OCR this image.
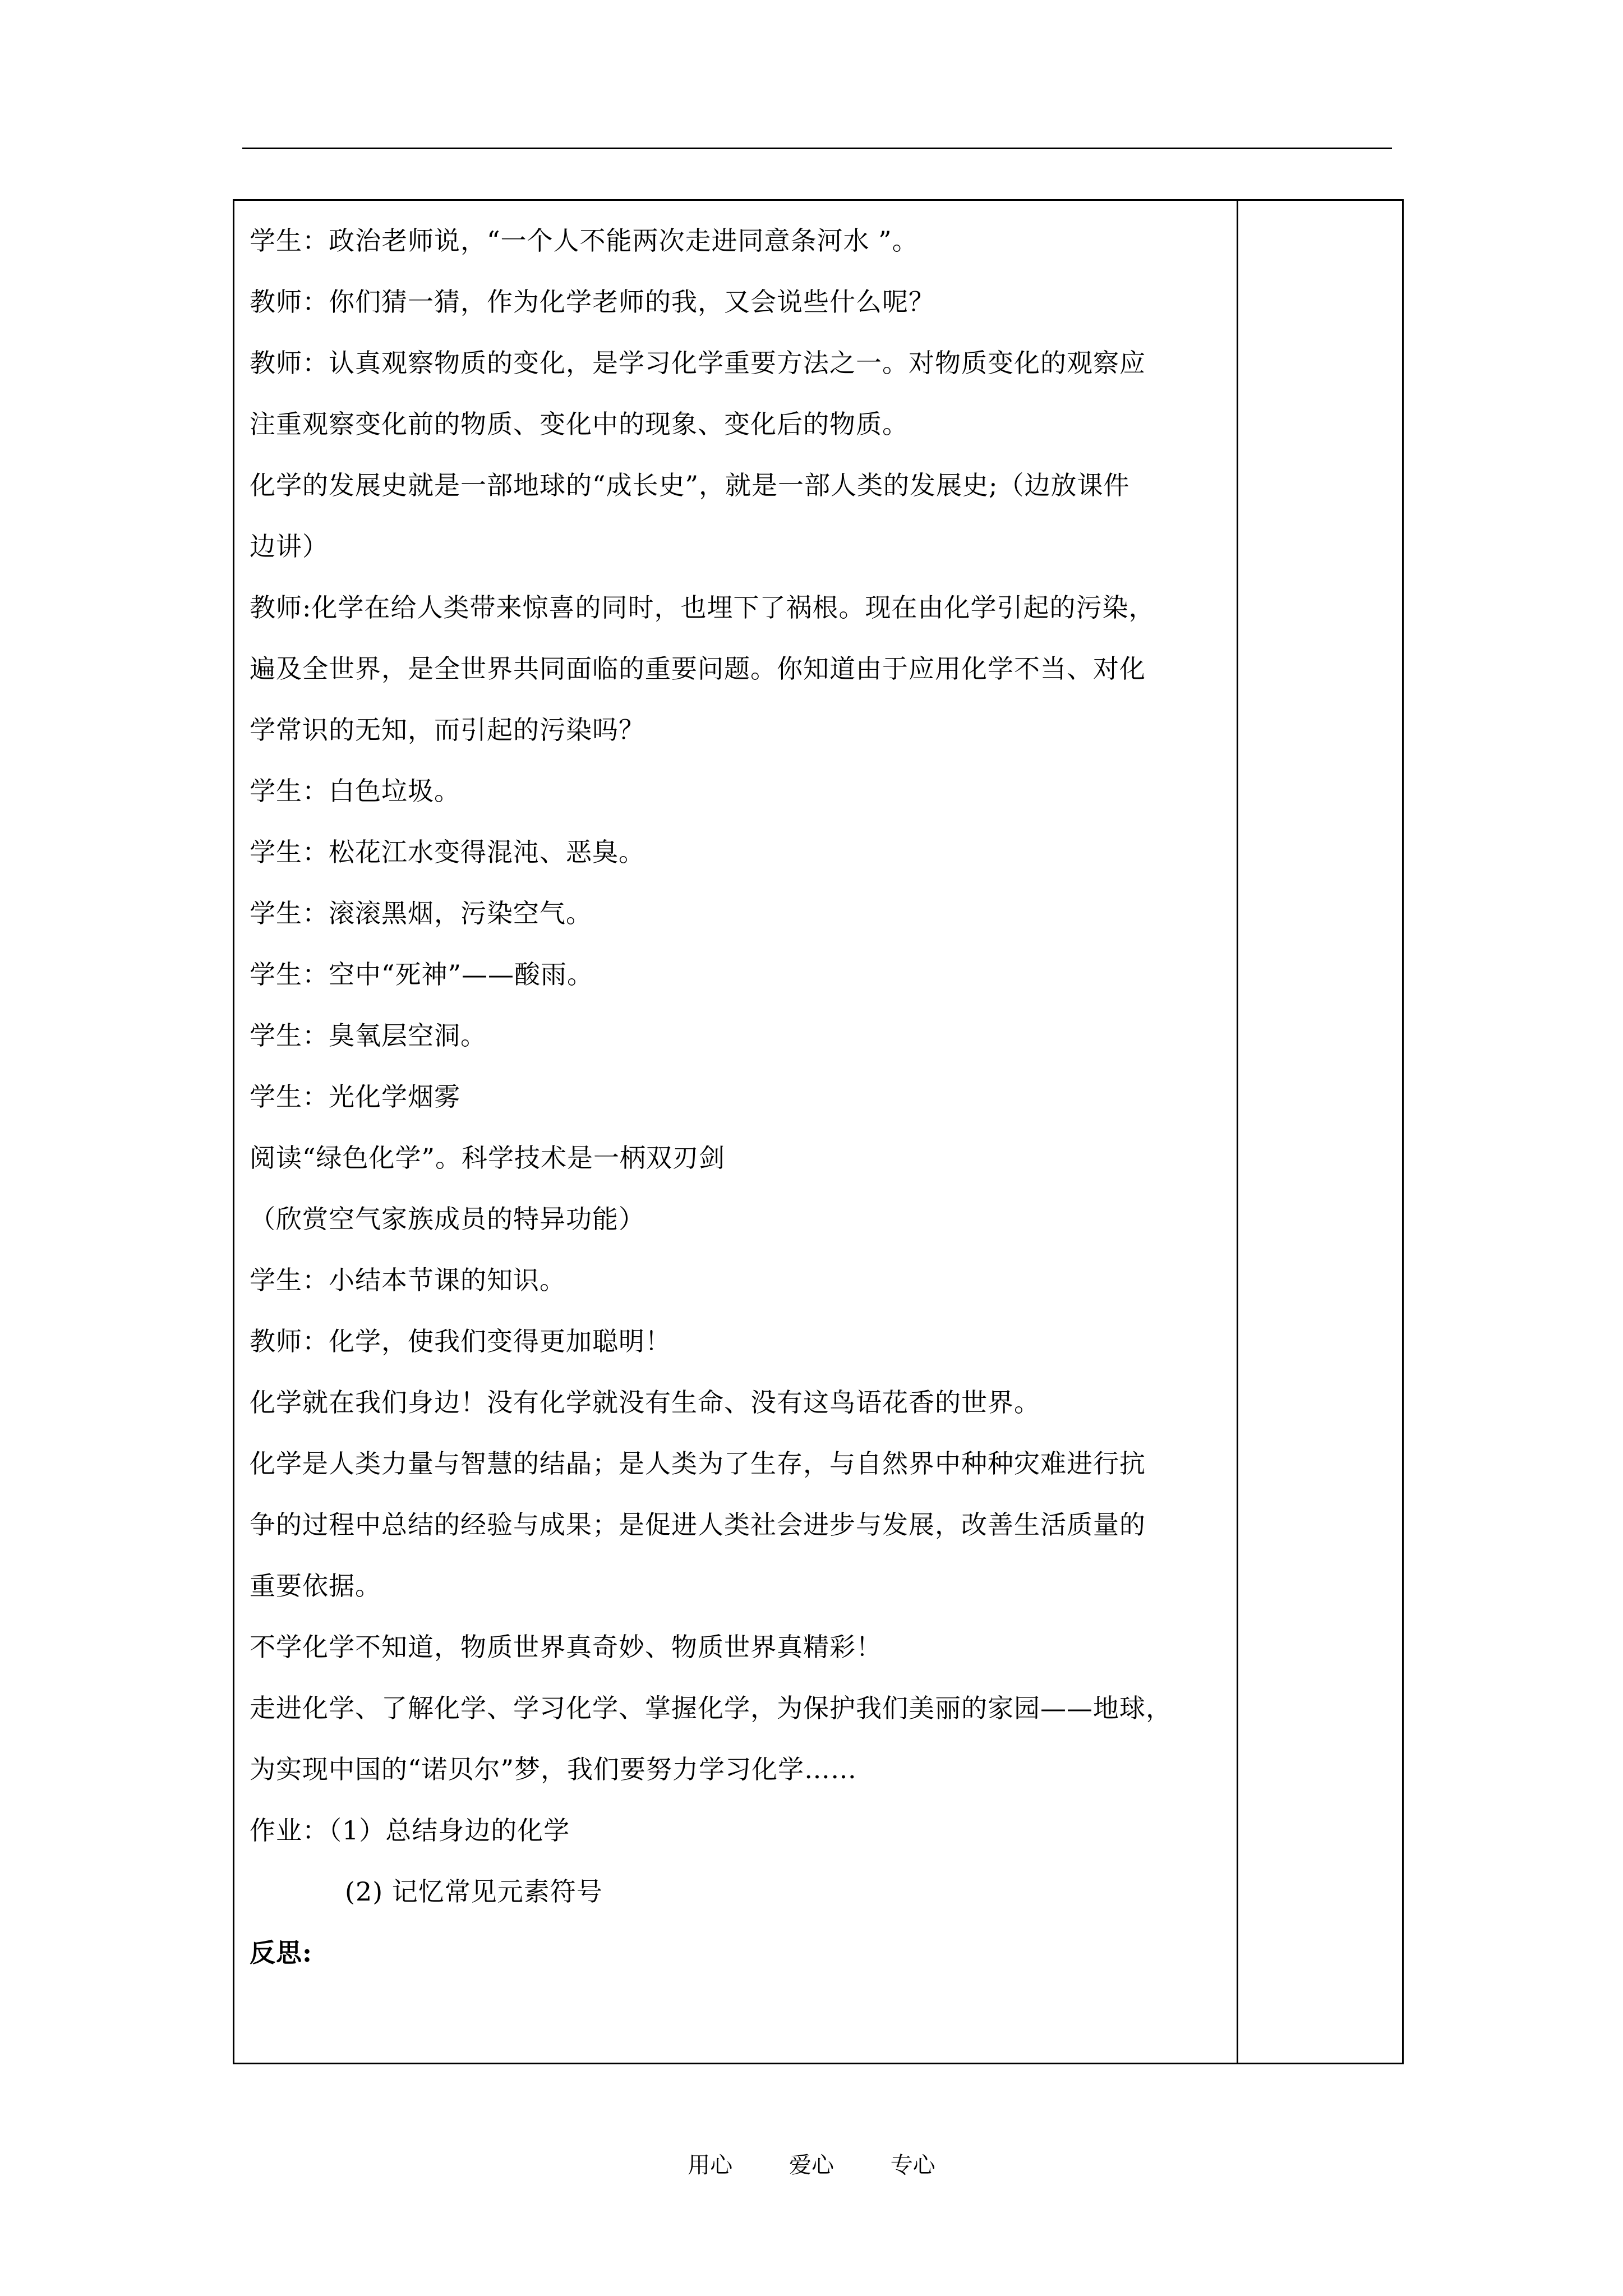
学生：政治老师说，“一个人不能两次走进同意条河水 ”。
教师：你们猜一猜，作为化学老师的我，又会说些什么呢？
教师：认真观察物质的变化，是学习化学重要方法之一。对物质变化的观察应
注重观察变化前的物质、变化中的现象、变化后的物质。
化学的发展史就是一部地球的“成长史”，就是一部人类的发展史;（边放课件
边讲）
教师:化学在给人类带来惊喜的同时，也埋下了祸根。现在由化学引起的污染，
遍及全世界，是全世界共同面临的重要问题。你知道由于应用化学不当、对化
学常识的无知，而引起的污染吗？
学生：白色垃圾。
学生：松花江水变得混沌、恶臭。
学生：滚滚黑烟，污染空气。
学生：空中“死神”——酸雨。
学生：臭氧层空洞。
学生：光化学烟雾
阅读“绿色化学”。科学技术是一柄双刃剑
（欣赏空气家族成员的特异功能）
学生：小结本节课的知识。
教师：化学，使我们变得更加聪明！
化学就在我们身边！没有化学就没有生命、没有这鸟语花香的世界。
化学是人类力量与智慧的结晶；是人类为了生存，与自然界中种种灾难进行抗
争的过程中总结的经验与成果；是促进人类社会进步与发展，改善生活质量的
重要依据。
不学化学不知道，物质世界真奇妙、物质世界真精彩！
走进化学、了解化学、学习化学、掌握化学，为保护我们美丽的家园——地球，
为实现中国的“诺贝尔”梦，我们要努力学习化学……
作业：（1）总结身边的化学
(2) 记忆常见元素符号
反思:
用心	爱心	专心
